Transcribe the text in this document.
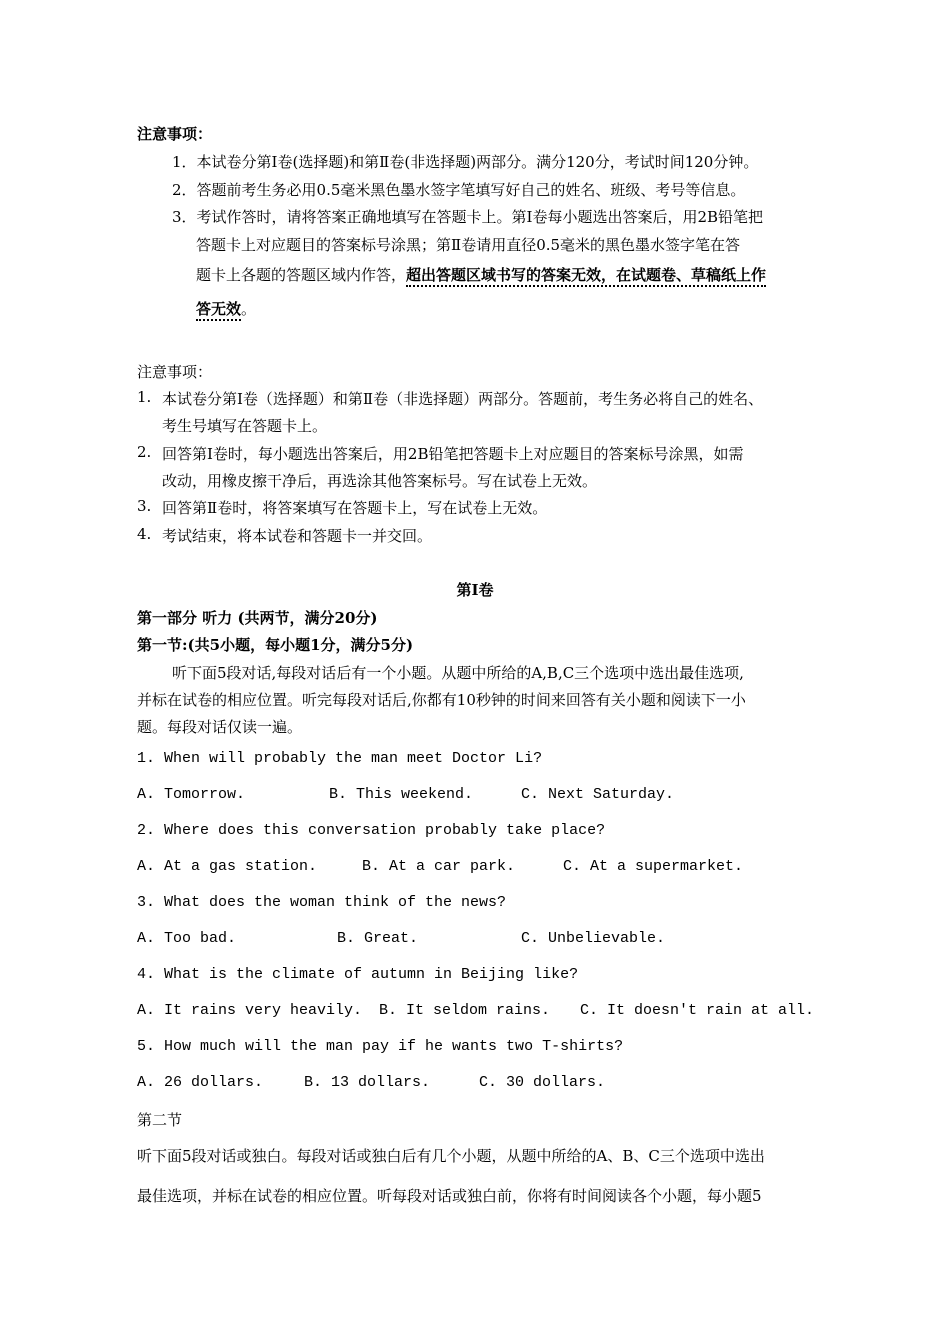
注意事项：
1．本试卷分第Ⅰ卷(选择题)和第Ⅱ卷(非选择题)两部分。满分120分，考试时间120分钟。
2．答题前考生务必用0.5毫米黑色墨水签字笔填写好自己的姓名、班级、考号等信息。
3．考试作答时，请将答案正确地填写在答题卡上。第Ⅰ卷每小题选出答案后，用2B铅笔把
答题卡上对应题目的答案标号涂黑；第Ⅱ卷请用直径0.5毫米的黑色墨水签字笔在答
题卡上各题的答题区域内作答，超出答题区域书写的答案无效，在试题卷、草稿纸上作
答无效。
注意事项：
1. 本试卷分第Ⅰ卷（选择题）和第Ⅱ卷（非选择题）两部分。答题前，考生务必将自己的姓名、
考生号填写在答题卡上。
2. 回答第Ⅰ卷时，每小题选出答案后，用2B铅笔把答题卡上对应题目的答案标号涂黑，如需
改动，用橡皮擦干净后，再选涂其他答案标号。写在试卷上无效。
3. 回答第Ⅱ卷时，将答案填写在答题卡上，写在试卷上无效。
4. 考试结束，将本试卷和答题卡一并交回。
第Ⅰ卷
第一部分 听力 (共两节，满分20分)
第一节:(共5小题，每小题1分，满分5分)
听下面5段对话,每段对话后有一个小题。从题中所给的A,B,C三个选项中选出最佳选项,
并标在试卷的相应位置。听完每段对话后,你都有10秒钟的时间来回答有关小题和阅读下一小
题。每段对话仅读一遍。
1. When will probably the man meet Doctor Li?
A. Tomorrow.	B. This weekend.	C. Next Saturday.
2. Where does this conversation probably take place?
A. At a gas station.	B. At a car park.	C. At a supermarket.
3. What does the woman think of the news?
A. Too bad.	B. Great.	C. Unbelievable.
4. What is the climate of autumn in Beijing like?
A. It rains very heavily. B. It seldom rains. C. It doesn't rain at all.
5. How much will the man pay if he wants two T-shirts?
A. 26 dollars.	B. 13 dollars.	C. 30 dollars.
第二节
听下面5段对话或独白。每段对话或独白后有几个小题，从题中所给的A、B、C三个选项中选出
最佳选项，并标在试卷的相应位置。听每段对话或独白前，你将有时间阅读各个小题，每小题5
